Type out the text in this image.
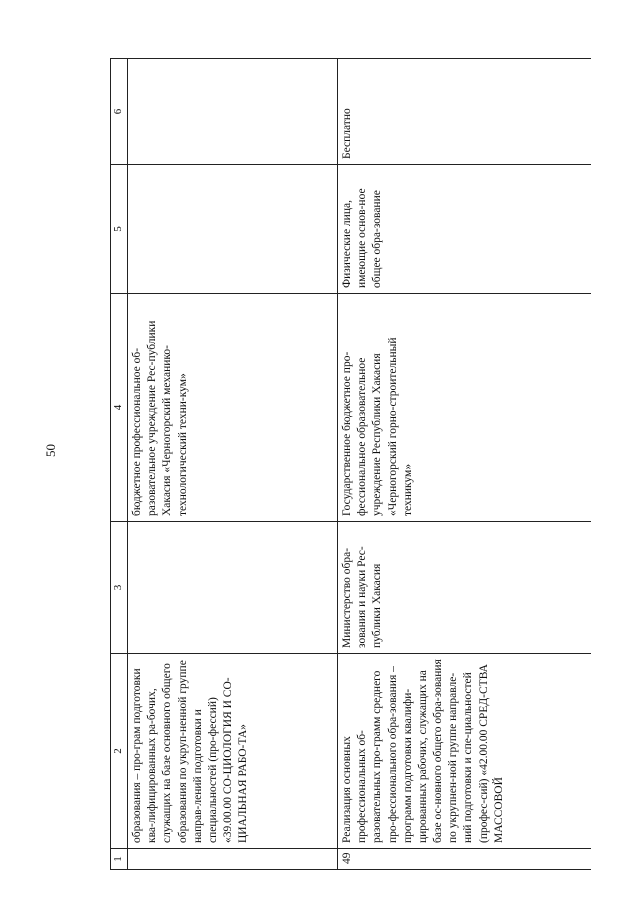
50
1	2	3	4	5	6
	образования – про-грам подготовки ква-лифицированных ра-бочих, служащих на базе основного общего образования по укруп-ненной группе направ-лений подготовки и специальностей (про-фессий) «39.00.00 СО-ЦИОЛОГИЯ И СО-ЦИАЛЬНАЯ РАБО-ТА»		бюджетное профессиональное об-разовательное учреждение Рес-публики Хакасия «Черногорский механико-технологический техни-кум»		
49	Реализация основных профессиональных об-разовательных про-грамм среднего про-фессионального обра-зования – программ подготовки квалифи-цированных рабочих, служащих на базе ос-новного общего обра-зования по укрупнен-ной группе направле-ний подготовки и спе-циальностей (профес-сий) «42.00.00 СРЕД-СТВА МАССОВОЙ	Министерство обра-зования и науки Рес-публики Хакасия	Государственное бюджетное про-фессиональное образовательное учреждение Республики Хакасия «Черногорский горно-строительный техникум»	Физические лица, имеющие основ-ное общее обра-зование	Бесплатно
